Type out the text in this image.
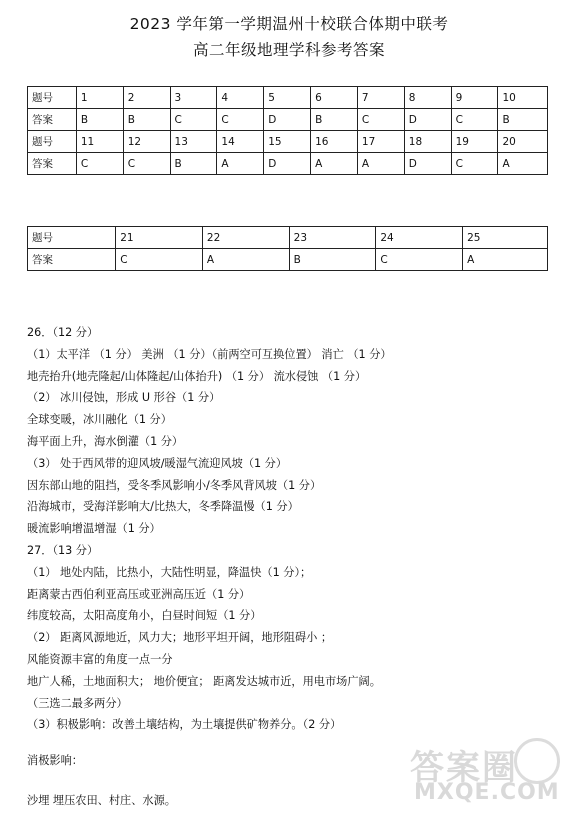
2023 学年第一学期温州十校联合体期中联考
高二年级地理学科参考答案
题号	1	2	3	4	5	6	7	8	9	10
答案	B	B	C	C	D	B	C	D	C	B
题号	11	12	13	14	15	16	17	18	19	20
答案	C	C	B	A	D	A	A	D	C	A
题号	21	22	23	24	25
答案	C	A	B	C	A
26．（12 分）
（1）太平洋 （1 分） 美洲 （1 分）（前两空可互换位置） 消亡 （1 分）
地壳抬升(地壳隆起/山体隆起/山体抬升) （1 分） 流水侵蚀 （1 分）
（2） 冰川侵蚀，形成 U 形谷（1 分）
全球变暖，冰川融化（1 分）
海平面上升，海水倒灌（1 分）
（3） 处于西风带的迎风坡/暖湿气流迎风坡（1 分）
因东部山地的阻挡，受冬季风影响小/冬季风背风坡（1 分）
沿海城市，受海洋影响大/比热大，冬季降温慢（1 分）
暖流影响增温增湿（1 分）
27．（13 分）
（1） 地处内陆，比热小，大陆性明显，降温快（1 分）；
距离蒙古西伯利亚高压或亚洲高压近（1 分）
纬度较高，太阳高度角小，白昼时间短（1 分）
（2） 距离风源地近，风力大；地形平坦开阔，地形阻碍小 ；
风能资源丰富的角度一点一分
地广人稀，土地面积大； 地价便宜； 距离发达城市近，用电市场广阔。
（三选二最多两分）
（3）积极影响：改善土壤结构，为土壤提供矿物养分。（2 分）
消极影响：
沙埋 埋压农田、村庄、水源。
答案圈
MXQE.COM
